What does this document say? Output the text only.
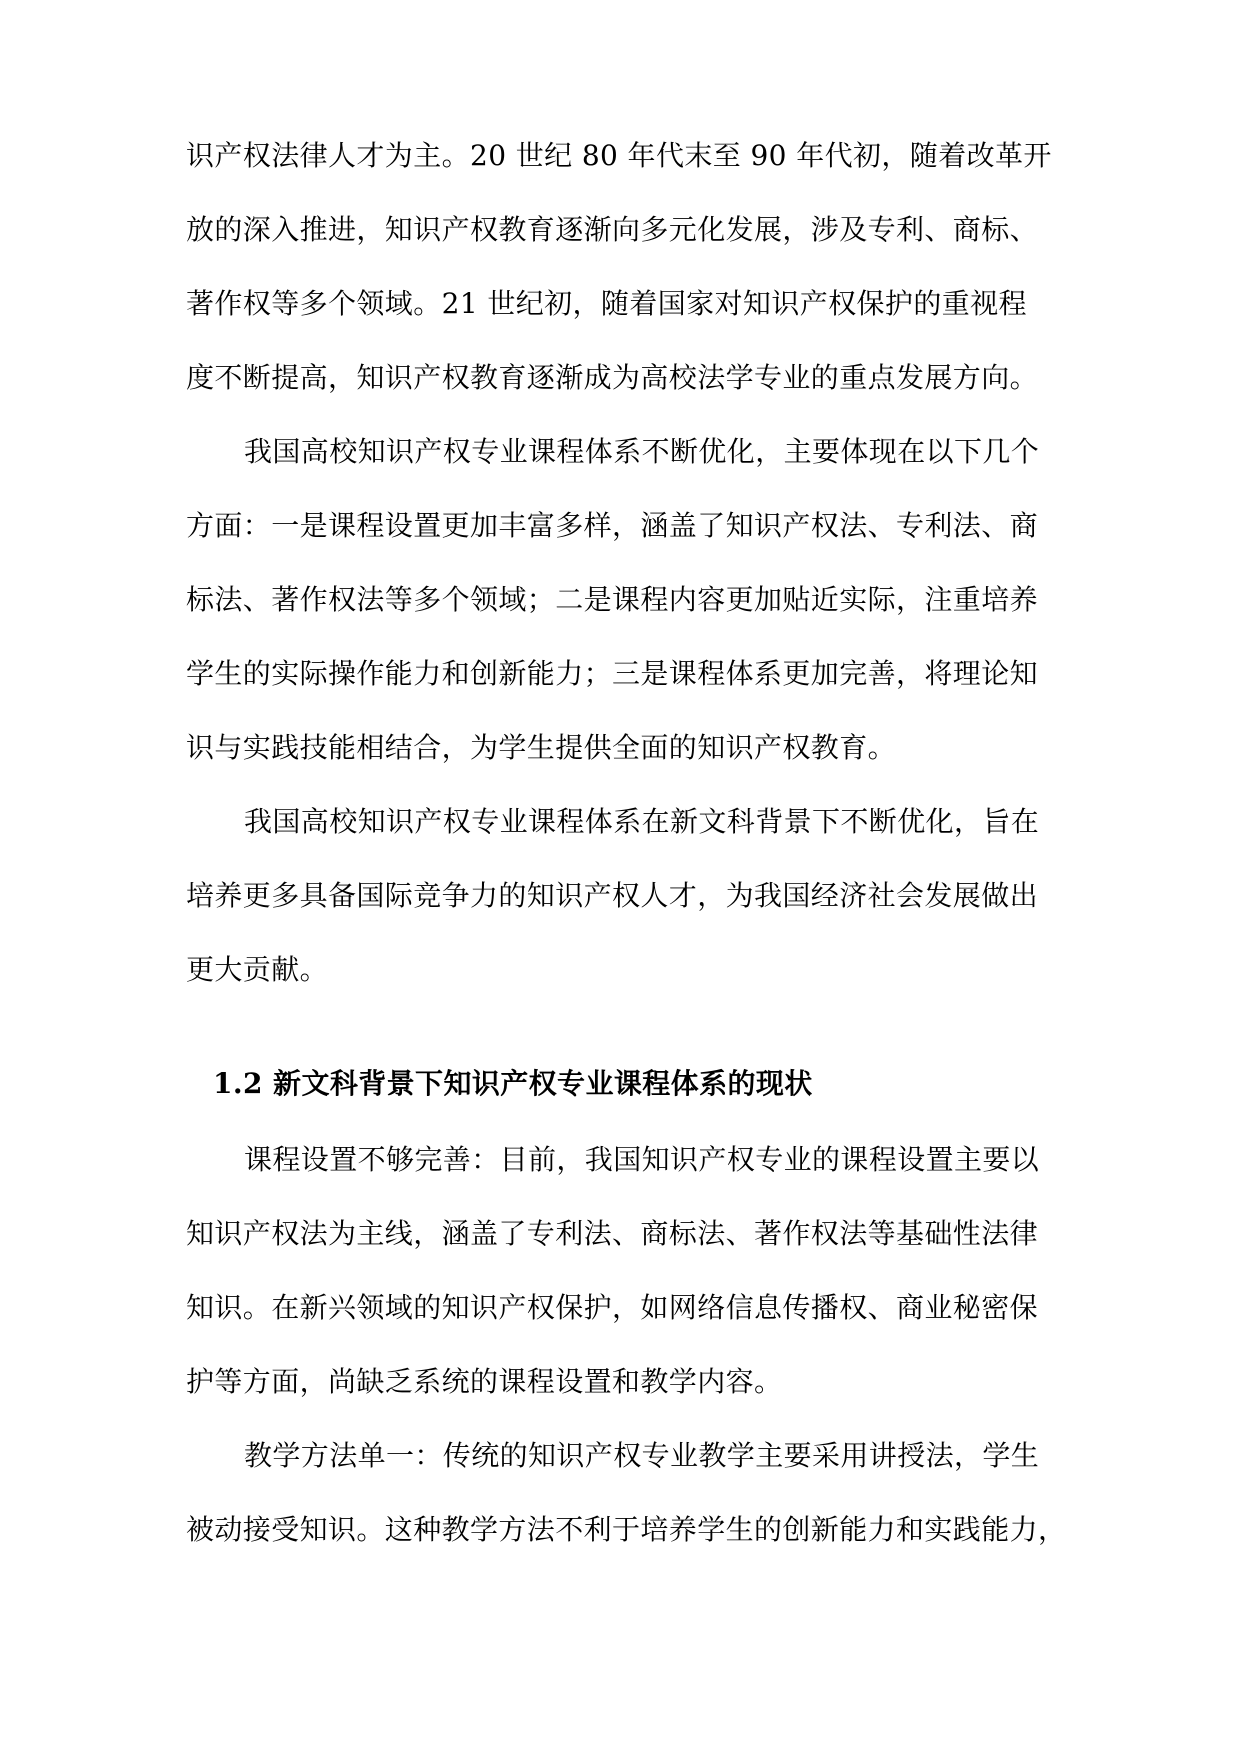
识产权法律人才为主。20 世纪 80 年代末至 90 年代初，随着改革开
放的深入推进，知识产权教育逐渐向多元化发展，涉及专利、商标、
著作权等多个领域。21 世纪初，随着国家对知识产权保护的重视程
度不断提高，知识产权教育逐渐成为高校法学专业的重点发展方向。
我国高校知识产权专业课程体系不断优化，主要体现在以下几个
方面：一是课程设置更加丰富多样，涵盖了知识产权法、专利法、商
标法、著作权法等多个领域；二是课程内容更加贴近实际，注重培养
学生的实际操作能力和创新能力；三是课程体系更加完善，将理论知
识与实践技能相结合，为学生提供全面的知识产权教育。
我国高校知识产权专业课程体系在新文科背景下不断优化，旨在
培养更多具备国际竞争力的知识产权人才，为我国经济社会发展做出
更大贡献。
1.2 新文科背景下知识产权专业课程体系的现状
课程设置不够完善：目前，我国知识产权专业的课程设置主要以
知识产权法为主线，涵盖了专利法、商标法、著作权法等基础性法律
知识。在新兴领域的知识产权保护，如网络信息传播权、商业秘密保
护等方面，尚缺乏系统的课程设置和教学内容。
教学方法单一：传统的知识产权专业教学主要采用讲授法，学生
被动接受知识。这种教学方法不利于培养学生的创新能力和实践能力，
